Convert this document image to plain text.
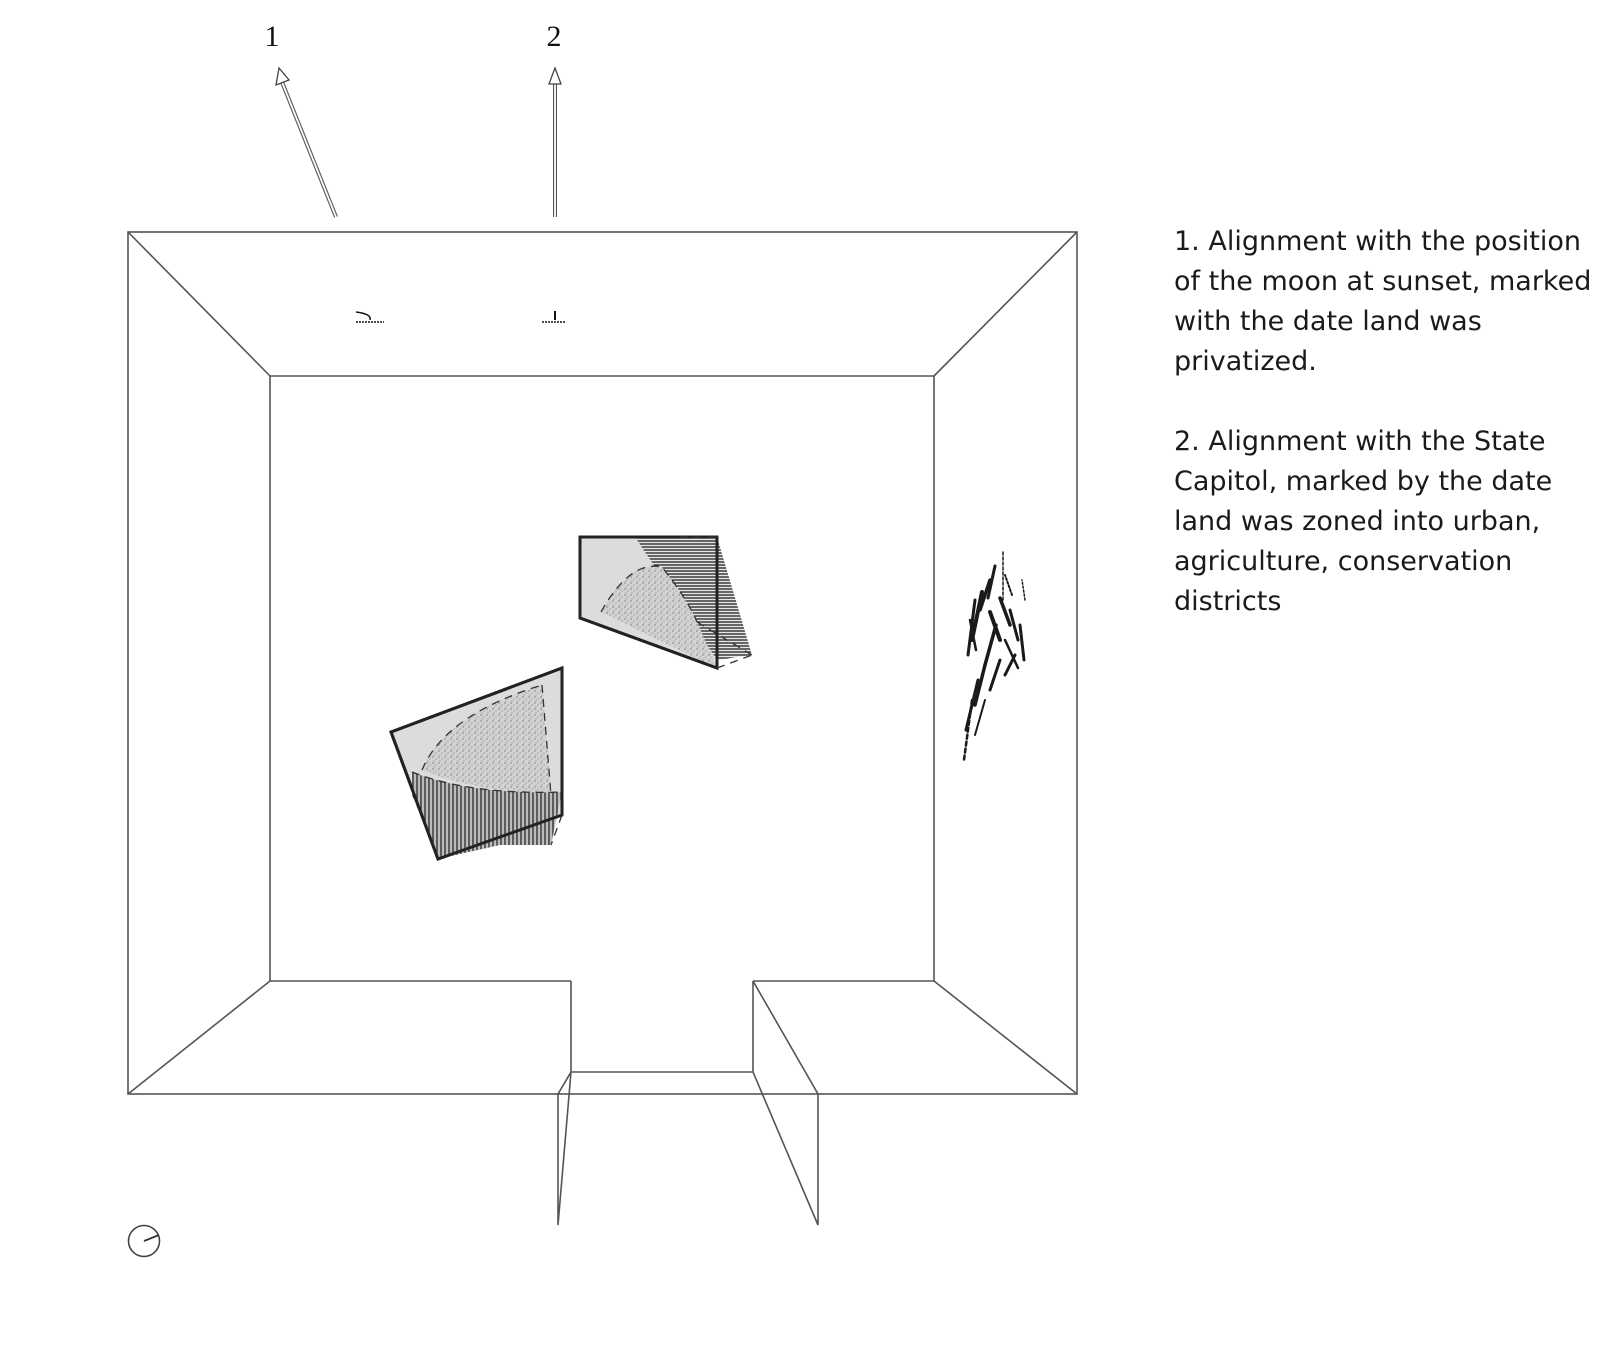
1	2
1. Alignment with the position of the moon at sunset, marked with the date land was privatized.
2. Alignment with the State Capitol, marked by the date land was zoned into urban, agriculture, conservation districts
